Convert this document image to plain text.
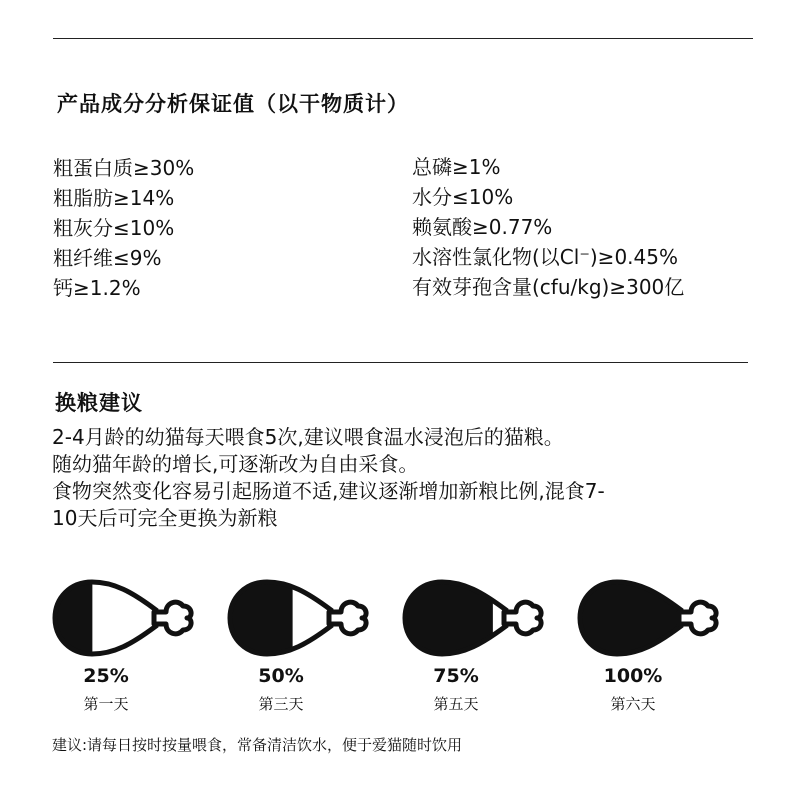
产品成分分析保证值（以干物质计）
粗蛋白质≥30%
粗脂肪≥14%
粗灰分≤10%
粗纤维≤9%
钙≥1.2%
总磷≥1%
水分≤10%
赖氨酸≥0.77%
水溶性氯化物(以Cl⁻)≥0.45%
有效芽孢含量(cfu/kg)≥300亿
换粮建议
2-4月龄的幼猫每天喂食5次,建议喂食温水浸泡后的猫粮。
随幼猫年龄的增长,可逐渐改为自由采食。
食物突然变化容易引起肠道不适,建议逐渐增加新粮比例,混食7-
10天后可完全更换为新粮
25%
第一天
50%
第三天
75%
第五天
100%
第六天
建议:请每日按时按量喂食，常备清洁饮水，便于爱猫随时饮用
